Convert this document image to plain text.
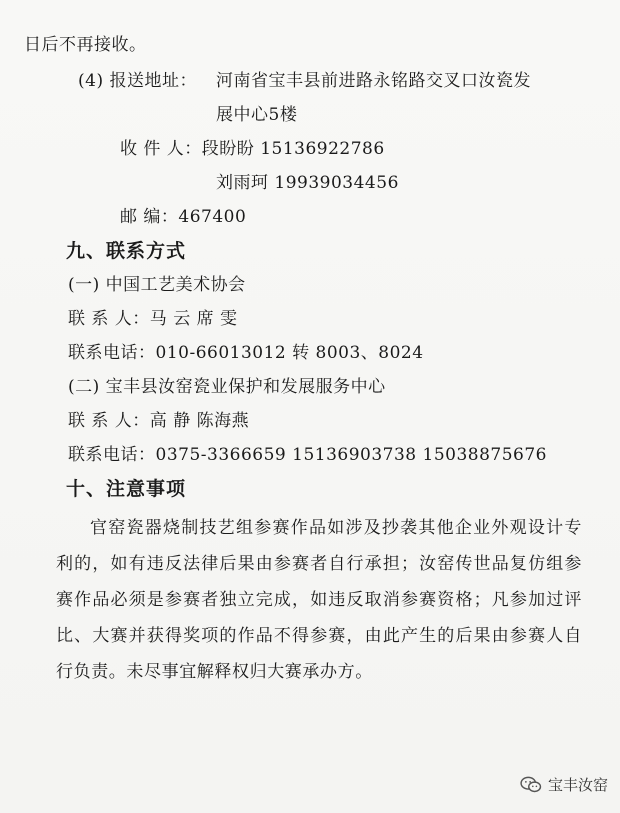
日后不再接收。
(4) 报送地址： 河南省宝丰县前进路永铭路交叉口汝瓷发
展中心5楼
收 件 人：段盼盼 15136922786
刘雨珂 19939034456
邮 编：467400
九、联系方式
(一) 中国工艺美术协会
联 系 人：马 云 席 雯
联系电话：010-66013012 转 8003、8024
(二) 宝丰县汝窑瓷业保护和发展服务中心
联 系 人：高 静 陈海燕
联系电话：0375-3366659 15136903738 15038875676
十、注意事项
官窑瓷器烧制技艺组参赛作品如涉及抄袭其他企业外观设计专利的，如有违反法律后果由参赛者自行承担；汝窑传世品复仿组参赛作品必须是参赛者独立完成，如违反取消参赛资格；凡参加过评比、大赛并获得奖项的作品不得参赛，由此产生的后果由参赛人自行负责。未尽事宜解释权归大赛承办方。
宝丰汝窑
